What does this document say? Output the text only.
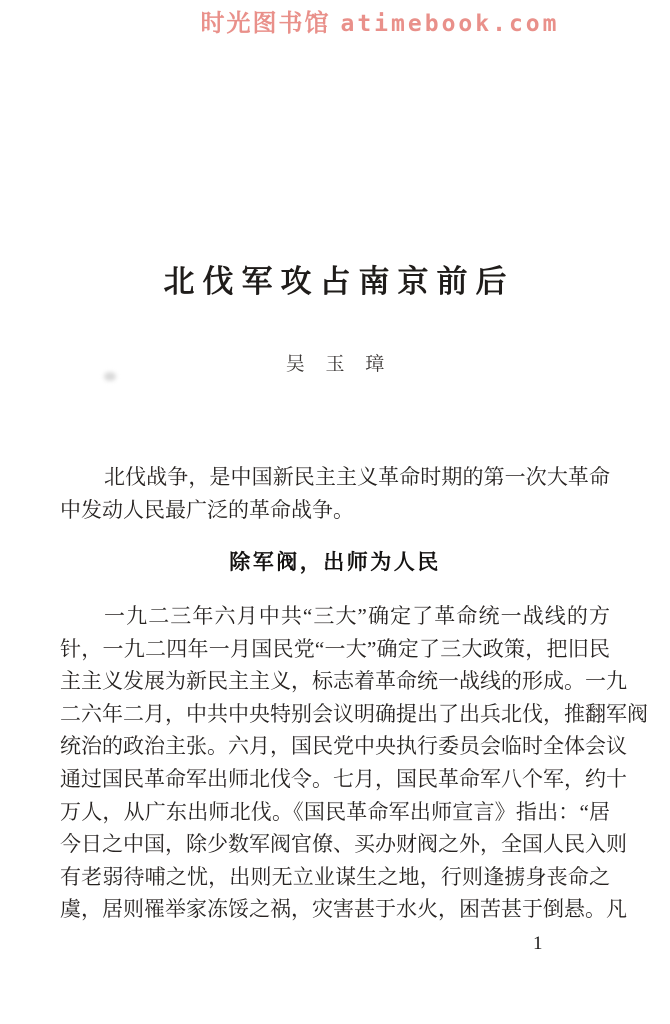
时光图书馆 atimebook.com
北伐军攻占南京前后
吴 玉 璋
北伐战争，是中国新民主主义革命时期的第一次大革命
中发动人民最广泛的革命战争。
除军阀，出师为人民
一九二三年六月中共“三大”确定了革命统一战线的方
针，一九二四年一月国民党“一大”确定了三大政策，把旧民
主主义发展为新民主主义，标志着革命统一战线的形成。一九
二六年二月，中共中央特别会议明确提出了出兵北伐，推翻军阀
统治的政治主张。六月，国民党中央执行委员会临时全体会议
通过国民革命军出师北伐令。七月，国民革命军八个军，约十
万人，从广东出师北伐。《国民革命军出师宣言》指出：“居
今日之中国，除少数军阀官僚、买办财阀之外，全国人民入则
有老弱待哺之忧，出则无立业谋生之地，行则逢掳身丧命之
虞，居则罹举家冻馁之祸，灾害甚于水火，困苦甚于倒悬。凡
1
